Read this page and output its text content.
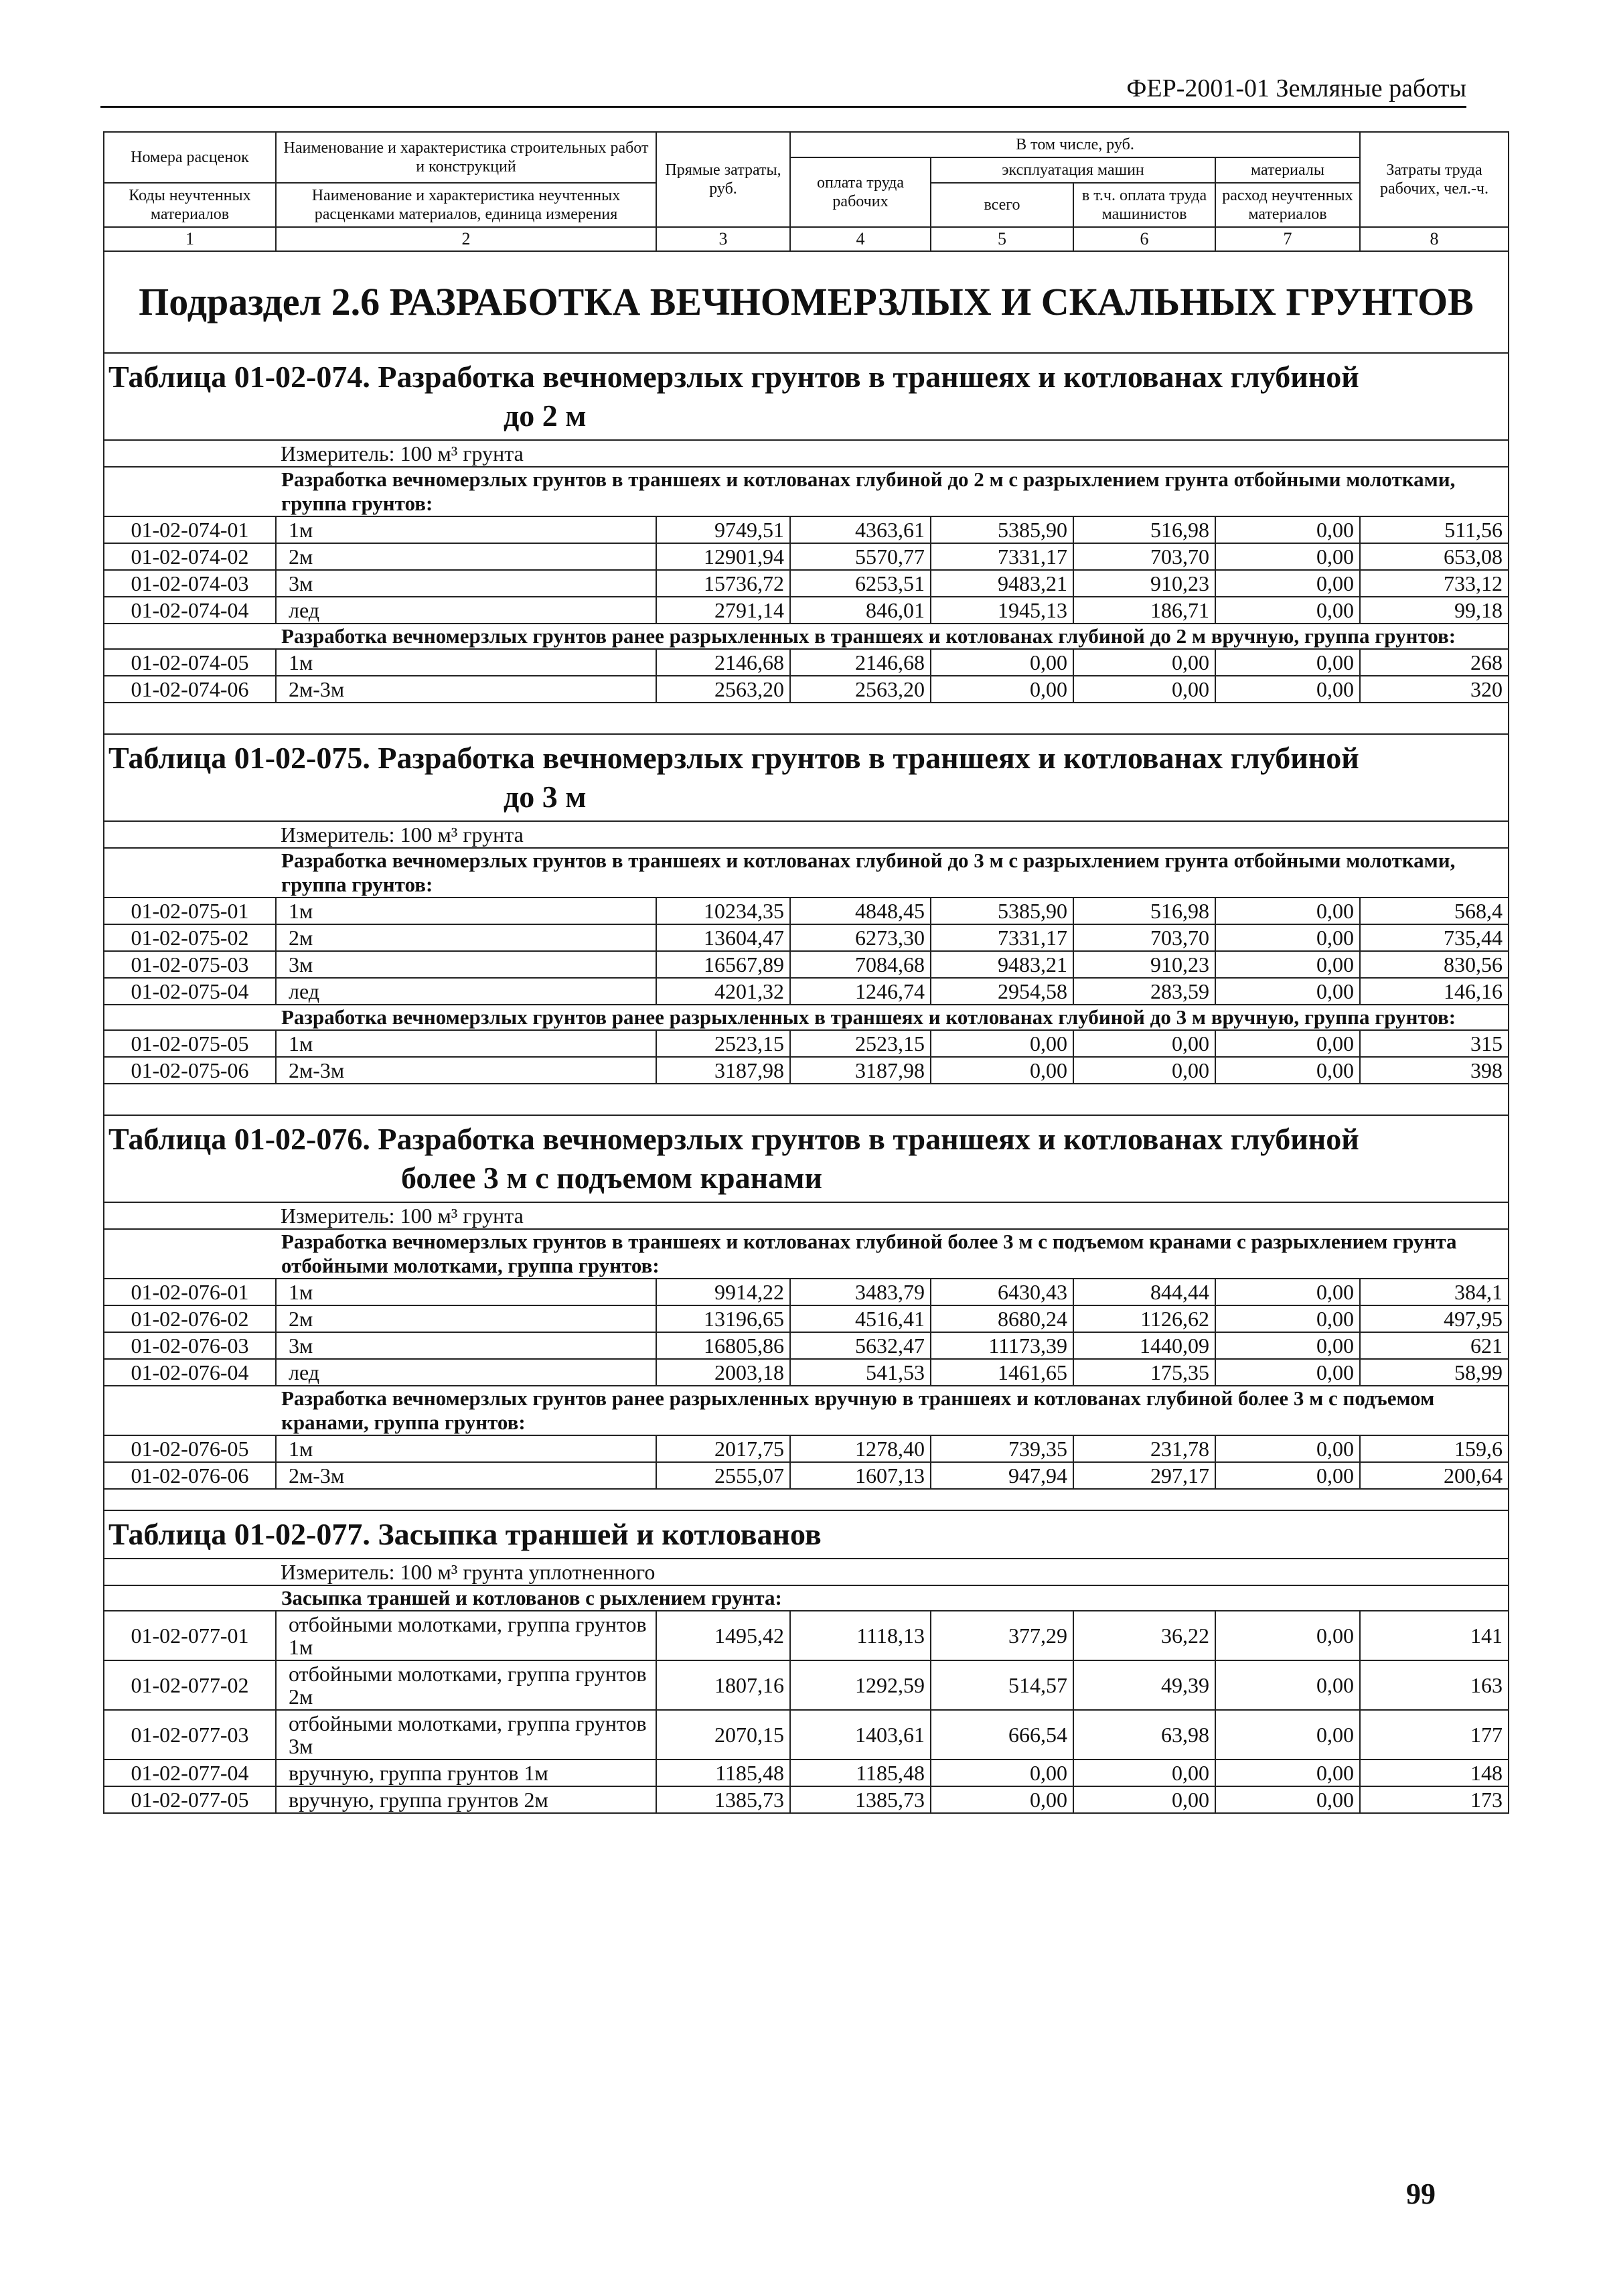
ФЕР-2001-01 Земляные работы
Номера расценок	Наименование и характеристика строительных работ и конструкций	Прямые затраты, руб.	В том числе, руб.				Затраты труда рабочих, чел.-ч.
			оплата труда рабочих	эксплуатация машин		материалы	
Коды неучтенных материалов	Наименование и характеристика неучтенных расценками материалов, единица измерения			всего	в т.ч. оплата труда машинистов	расход неучтенных материалов	

1	2	3	4	5	6	7	8
Подраздел 2.6 РАЗРАБОТКА ВЕЧНОМЕРЗЛЫХ И СКАЛЬНЫХ ГРУНТОВ							
Таблица 01-02-074. Разработка вечномерзлых грунтов в траншеях и котлованах глубиной
до 2 м							

Измеритель: 100 м³ грунта							

	Разработка вечномерзлых грунтов в траншеях и котлованах глубиной до 2 м с разрыхлением грунта отбойными молотками, группа грунтов:						
01-02-074-01	1м	9749,51	4363,61	5385,90	516,98	0,00	511,56
01-02-074-02	2м	12901,94	5570,77	7331,17	703,70	0,00	653,08
01-02-074-03	3м	15736,72	6253,51	9483,21	910,23	0,00	733,12
01-02-074-04	лед	2791,14	846,01	1945,13	186,71	0,00	99,18
	Разработка вечномерзлых грунтов ранее разрыхленных в траншеях и котлованах глубиной до 2 м вручную, группа грунтов:						
01-02-074-05	1м	2146,68	2146,68	0,00	0,00	0,00	268
01-02-074-06	2м-3м	2563,20	2563,20	0,00	0,00	0,00	320

Таблица 01-02-075. Разработка вечномерзлых грунтов в траншеях и котлованах глубиной
до 3 м							

Измеритель: 100 м³ грунта							

	Разработка вечномерзлых грунтов в траншеях и котлованах глубиной до 3 м с разрыхлением грунта отбойными молотками, группа грунтов:						
01-02-075-01	1м	10234,35	4848,45	5385,90	516,98	0,00	568,4
01-02-075-02	2м	13604,47	6273,30	7331,17	703,70	0,00	735,44
01-02-075-03	3м	16567,89	7084,68	9483,21	910,23	0,00	830,56
01-02-075-04	лед	4201,32	1246,74	2954,58	283,59	0,00	146,16
	Разработка вечномерзлых грунтов ранее разрыхленных в траншеях и котлованах глубиной до 3 м вручную, группа грунтов:						
01-02-075-05	1м	2523,15	2523,15	0,00	0,00	0,00	315
01-02-075-06	2м-3м	3187,98	3187,98	0,00	0,00	0,00	398

Таблица 01-02-076. Разработка вечномерзлых грунтов в траншеях и котлованах глубиной
более 3 м с подъемом кранами							

Измеритель: 100 м³ грунта							

	Разработка вечномерзлых грунтов в траншеях и котлованах глубиной более 3 м с подъемом кранами с разрыхлением грунта отбойными молотками, группа грунтов:						
01-02-076-01	1м	9914,22	3483,79	6430,43	844,44	0,00	384,1
01-02-076-02	2м	13196,65	4516,41	8680,24	1126,62	0,00	497,95
01-02-076-03	3м	16805,86	5632,47	11173,39	1440,09	0,00	621
01-02-076-04	лед	2003,18	541,53	1461,65	175,35	0,00	58,99
	Разработка вечномерзлых грунтов ранее разрыхленных вручную в траншеях и котлованах глубиной более 3 м с подъемом кранами, группа грунтов:						
01-02-076-05	1м	2017,75	1278,40	739,35	231,78	0,00	159,6
01-02-076-06	2м-3м	2555,07	1607,13	947,94	297,17	0,00	200,64

Таблица 01-02-077. Засыпка траншей и котлованов							

Измеритель: 100 м³ грунта уплотненного							

	Засыпка траншей и котлованов с рыхлением грунта:						
01-02-077-01	отбойными молотками, группа грунтов 1м	1495,42	1118,13	377,29	36,22	0,00	141
01-02-077-02	отбойными молотками, группа грунтов 2м	1807,16	1292,59	514,57	49,39	0,00	163
01-02-077-03	отбойными молотками, группа грунтов 3м	2070,15	1403,61	666,54	63,98	0,00	177
01-02-077-04	вручную, группа грунтов 1м	1185,48	1185,48	0,00	0,00	0,00	148
01-02-077-05	вручную, группа грунтов 2м	1385,73	1385,73	0,00	0,00	0,00	173
99
